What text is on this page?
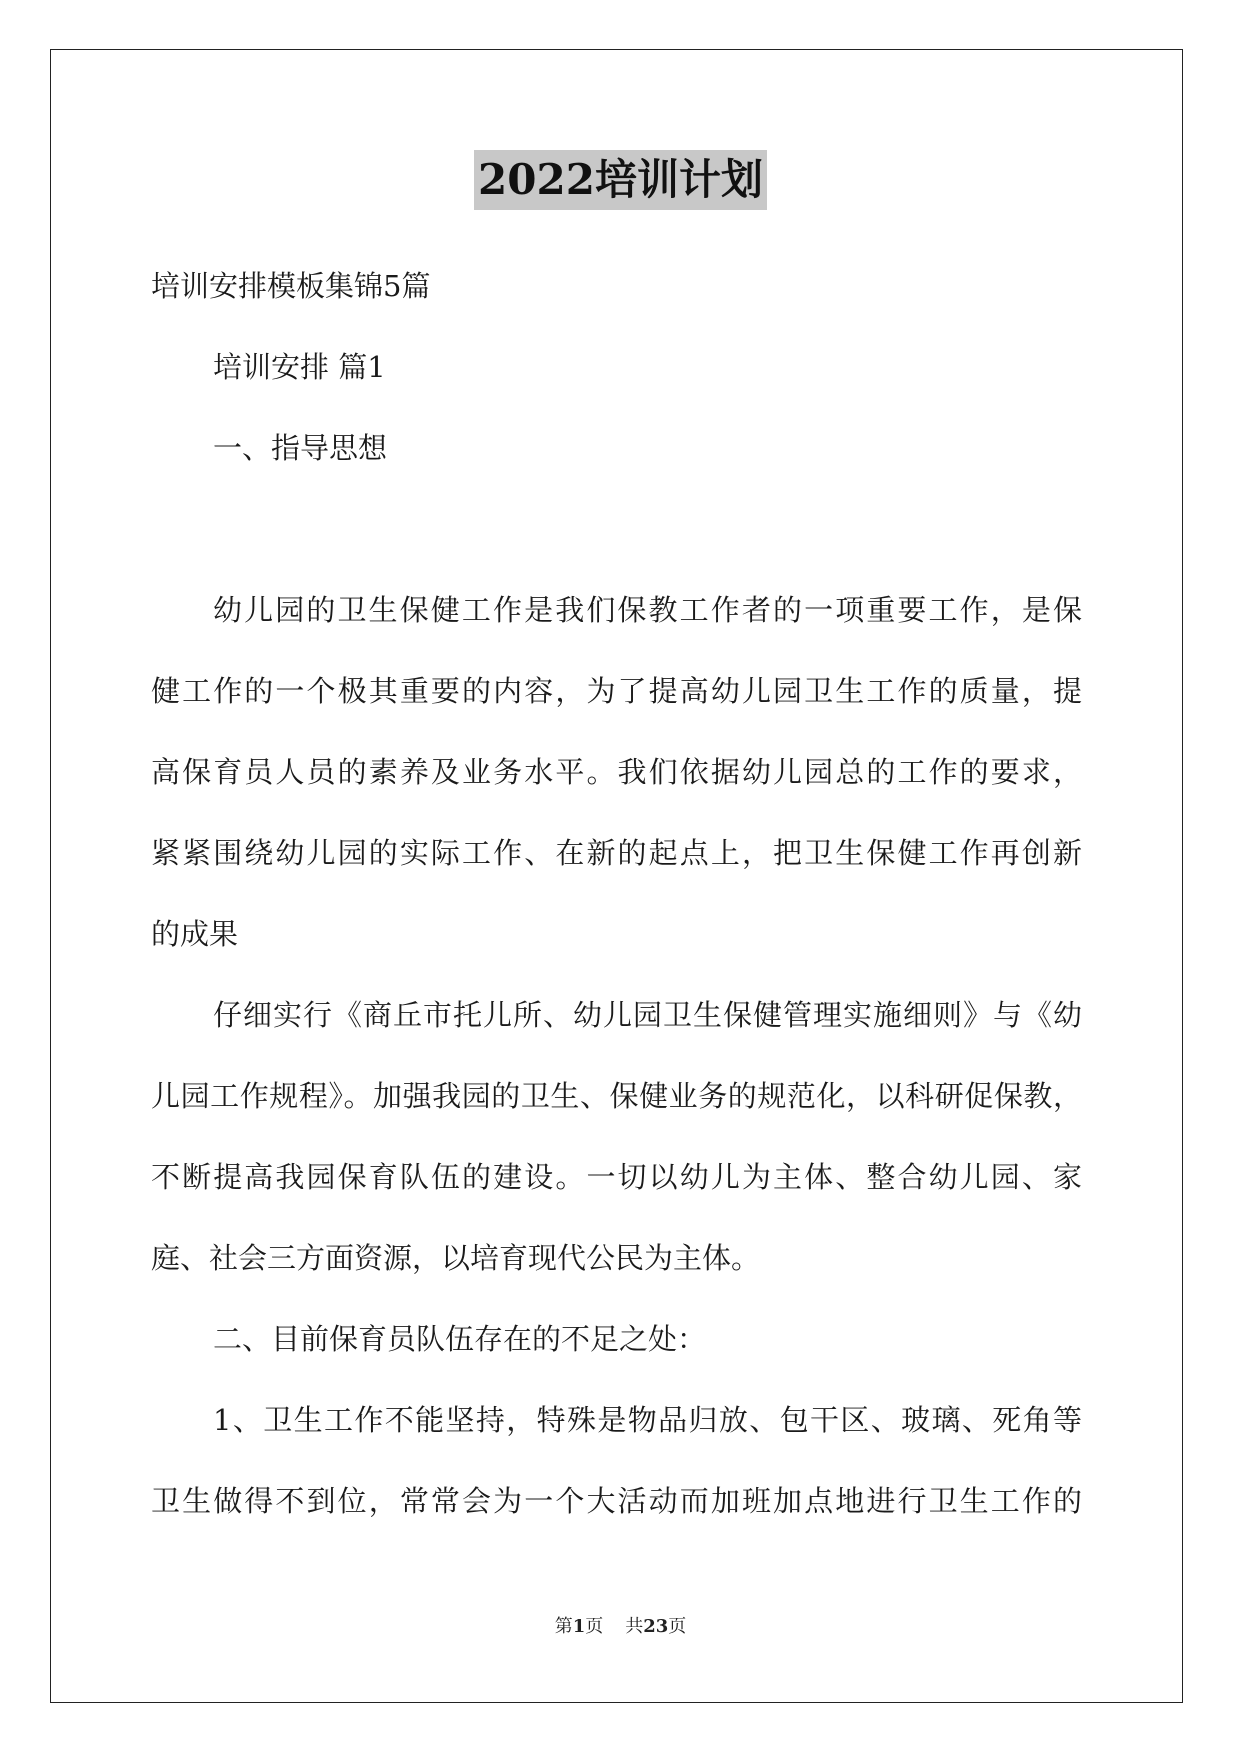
2022培训计划
培训安排模板集锦5篇
培训安排 篇1
一、指导思想
幼儿园的卫生保健工作是我们保教工作者的一项重要工作，是保
健工作的一个极其重要的内容，为了提高幼儿园卫生工作的质量，提
高保育员人员的素养及业务水平。我们依据幼儿园总的工作的要求，
紧紧围绕幼儿园的实际工作、在新的起点上，把卫生保健工作再创新
的成果
仔细实行《商丘市托儿所、幼儿园卫生保健管理实施细则》与《幼
儿园工作规程》。加强我园的卫生、保健业务的规范化，以科研促保教，
不断提高我园保育队伍的建设。一切以幼儿为主体、整合幼儿园、家
庭、社会三方面资源，以培育现代公民为主体。
二、目前保育员队伍存在的不足之处：
1、卫生工作不能坚持，特殊是物品归放、包干区、玻璃、死角等
卫生做得不到位，常常会为一个大活动而加班加点地进行卫生工作的
第1页 共23页
